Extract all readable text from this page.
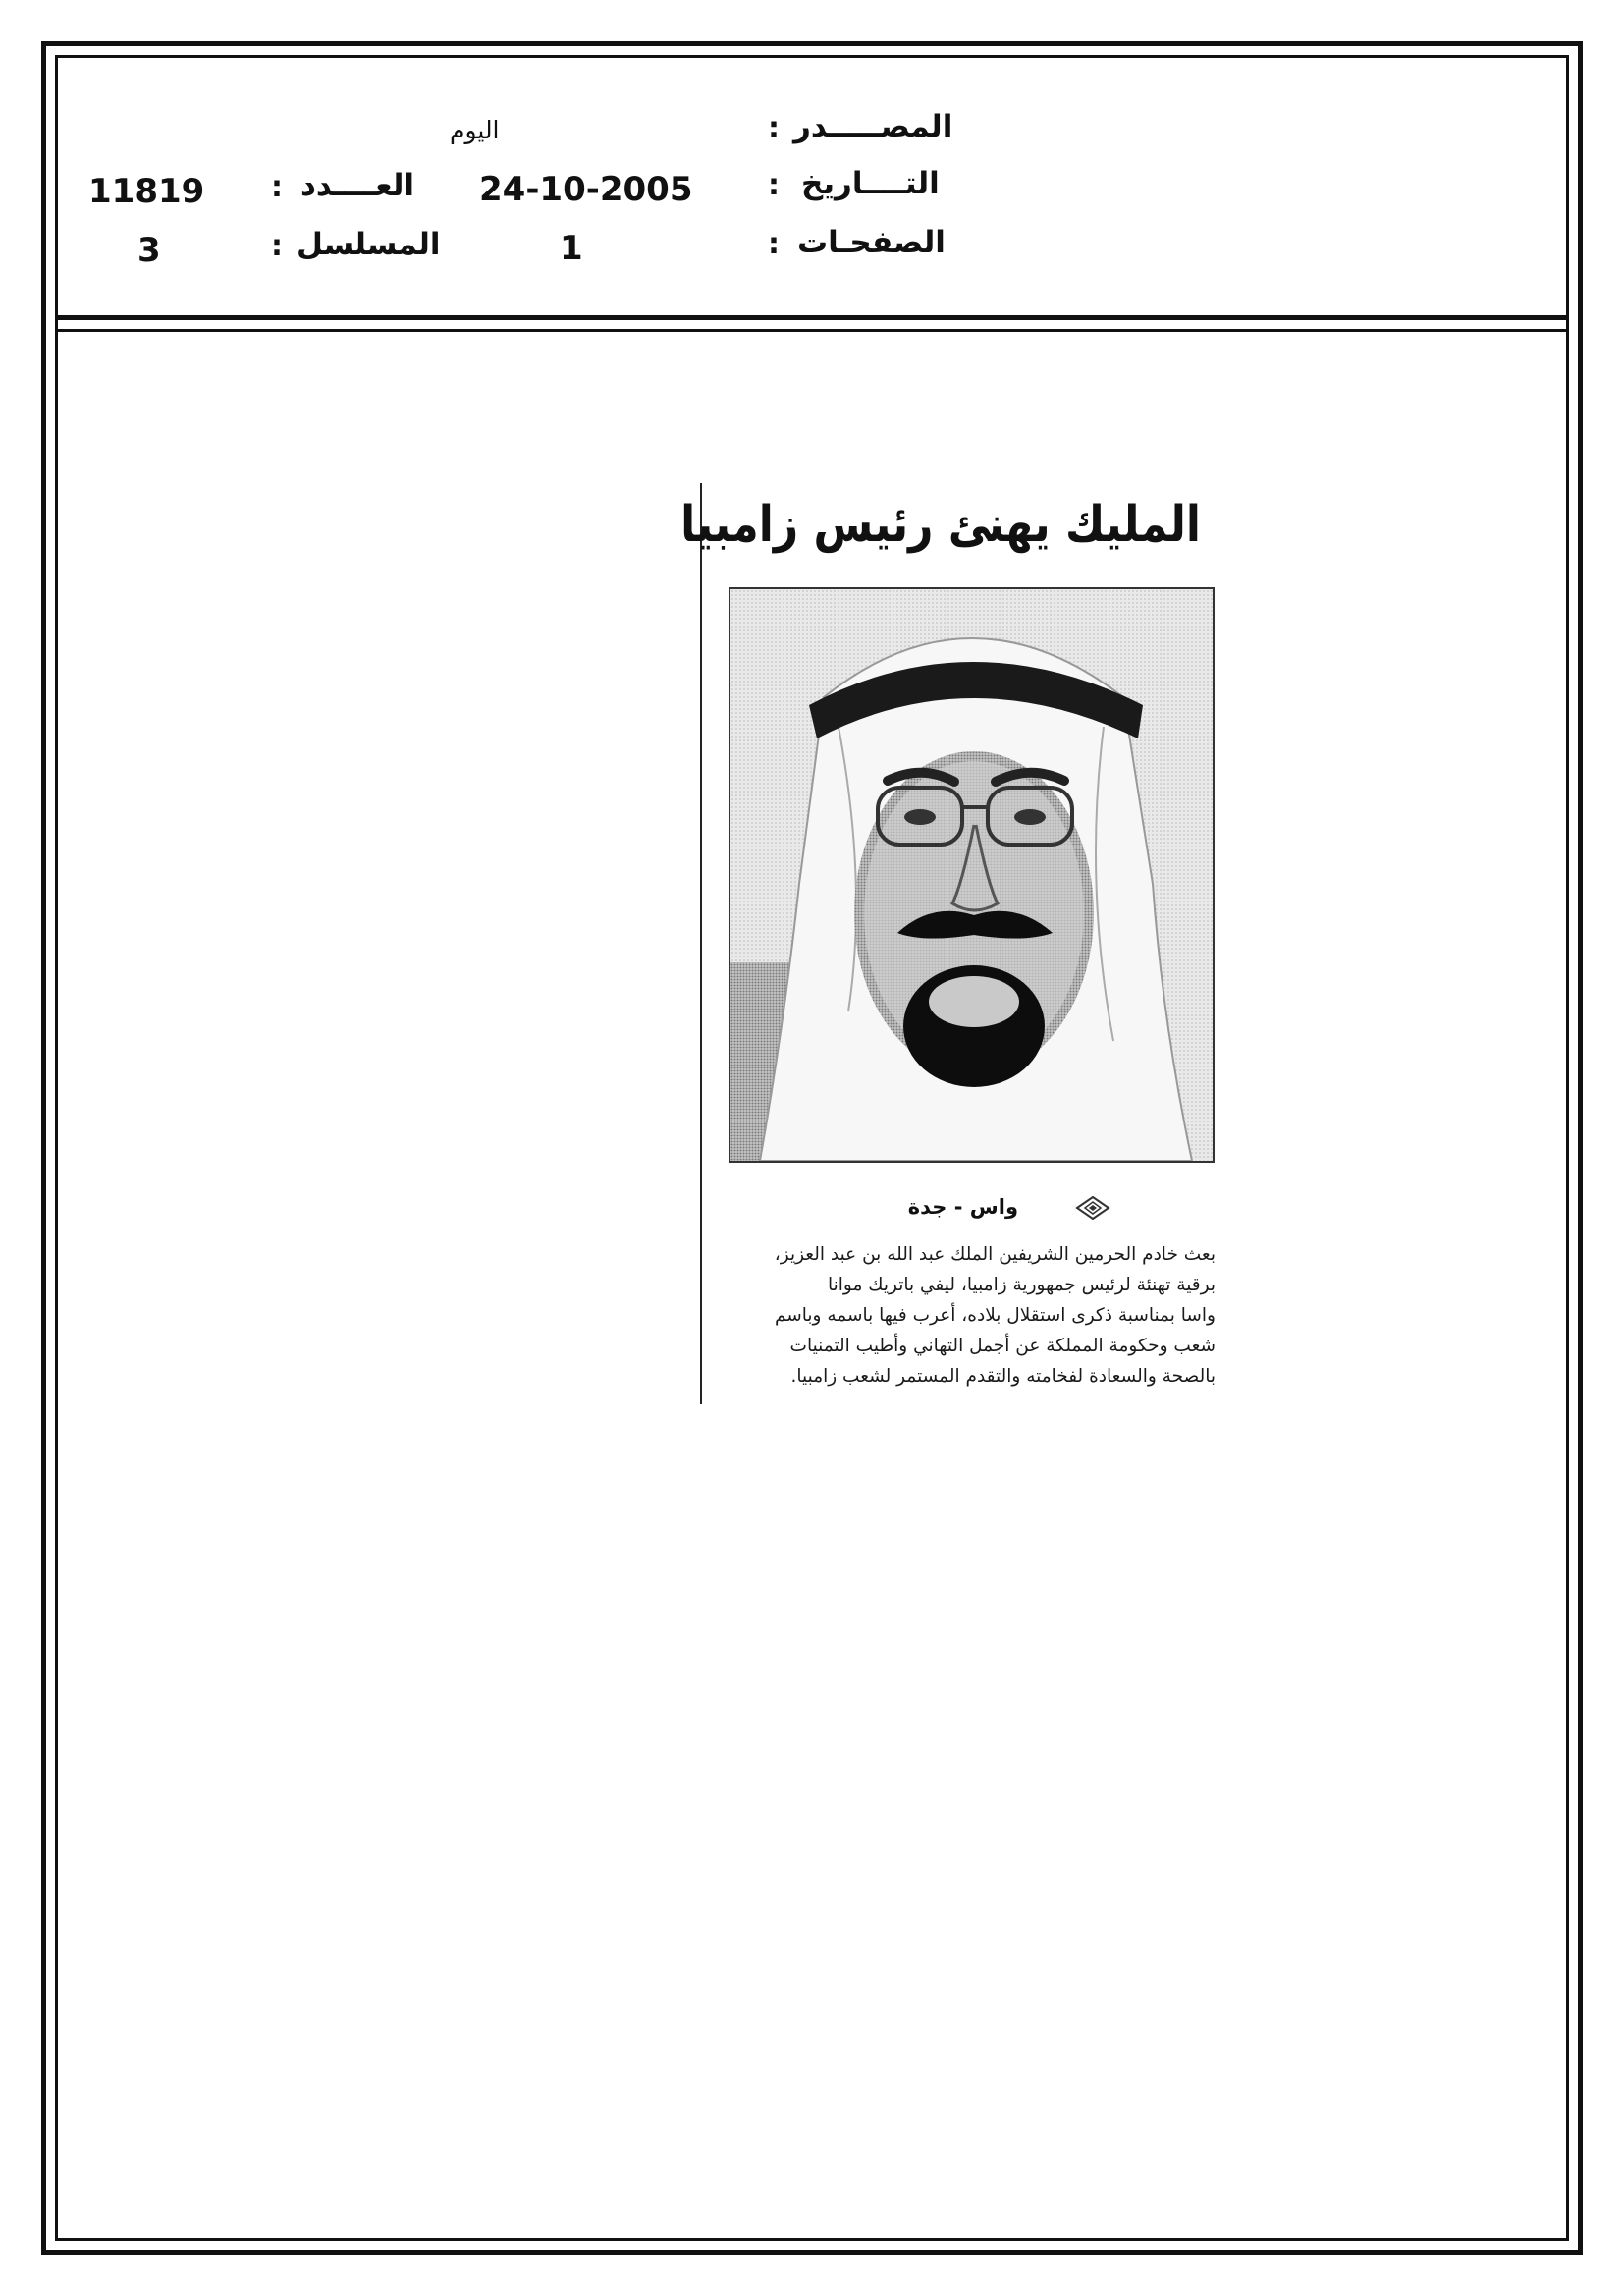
المصـــــدر
:
اليوم
التــــاريخ
:
24-10-2005
العــــدد
:
11819
الصفحـات
:
1
المسلسل
:
3
المليك يهنئ رئيس زامبيا
واس - جدة
بعث خادم الحرمين الشريفين الملك عبد الله بن عبد العزيز،
برقية تهنئة لرئيس جمهورية زامبيا، ليفي باتريك موانا
واسا بمناسبة ذكرى استقلال بلاده، أعرب فيها باسمه وباسم
شعب وحكومة المملكة عن أجمل التهاني وأطيب التمنيات
بالصحة والسعادة لفخامته والتقدم المستمر لشعب زامبيا.
